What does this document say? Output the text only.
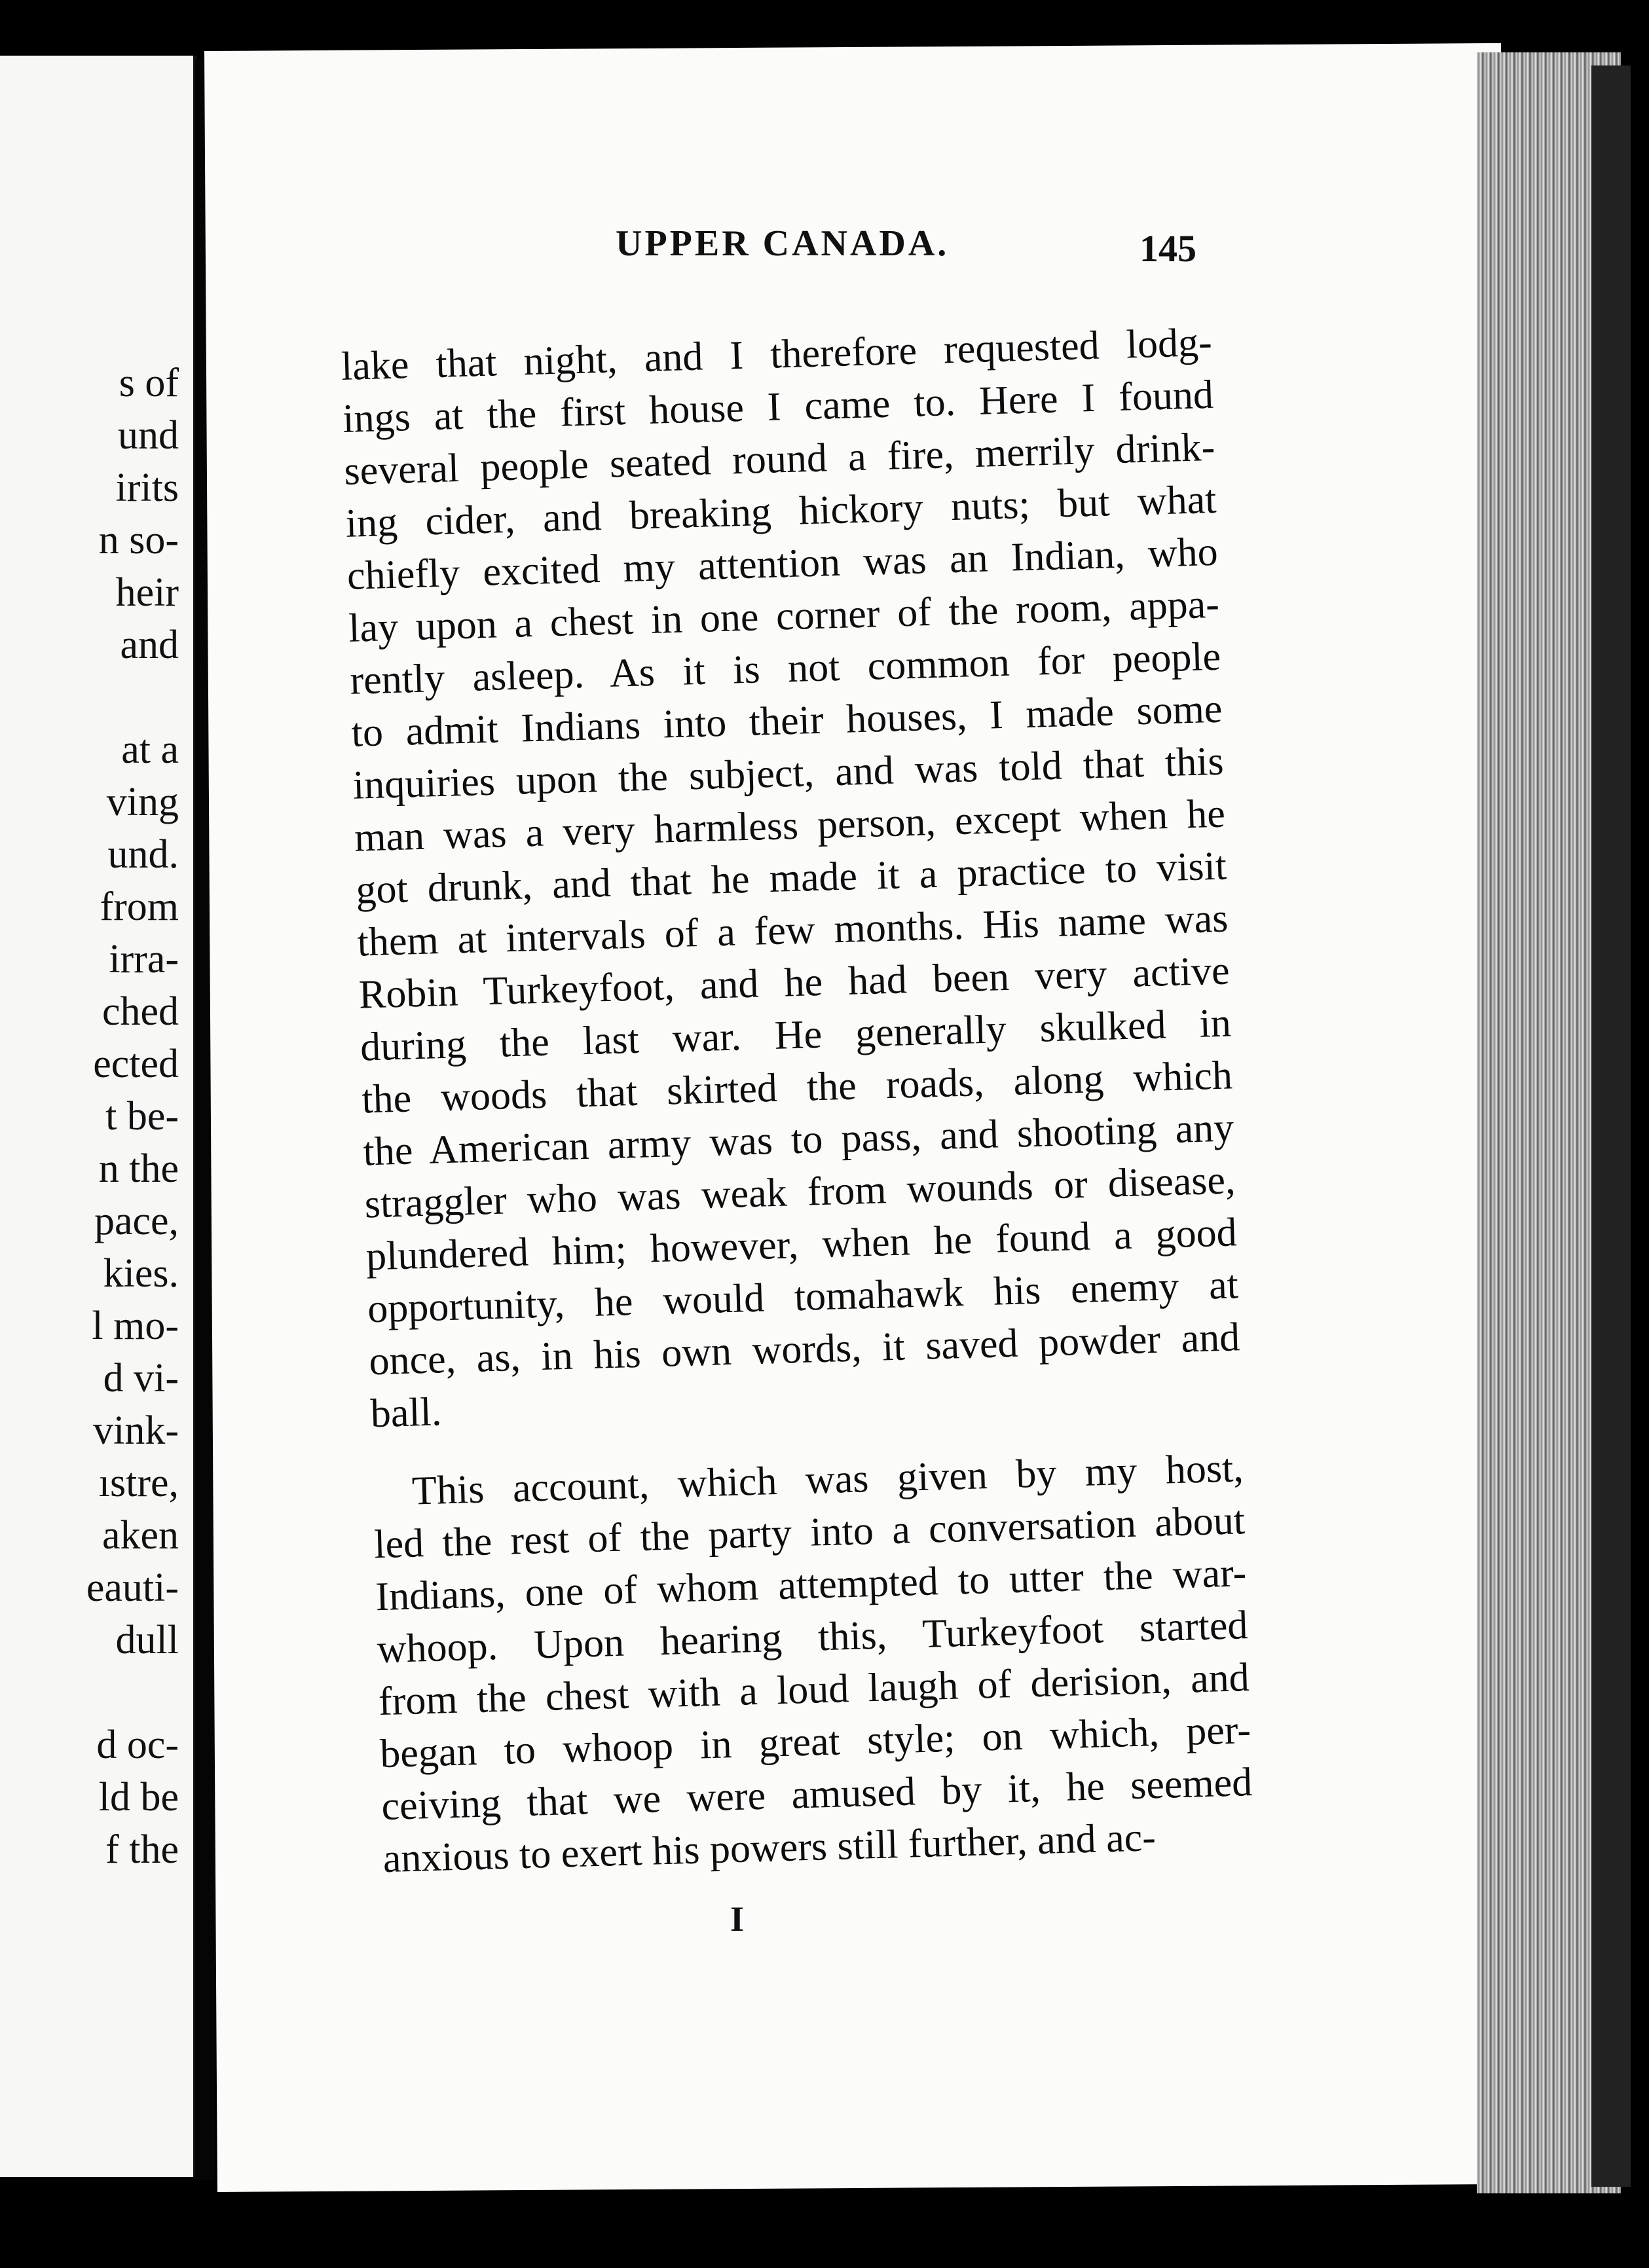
s of
und
irits
n so-
heir
and
at a
ving
und.
from
irra-
ched
ected
t be-
n the
pace,
kies.
l mo-
d vi-
vink-
ıstre,
aken
eauti-
dull
d oc-
ld be
f the
UPPER CANADA.	145
lake that night, and I therefore requested lodg-
ings at the first house I came to. Here I found
several people seated round a fire, merrily drink-
ing cider, and breaking hickory nuts; but what
chiefly excited my attention was an Indian, who
lay upon a chest in one corner of the room, appa-
rently asleep. As it is not common for people
to admit Indians into their houses, I made some
inquiries upon the subject, and was told that this
man was a very harmless person, except when he
got drunk, and that he made it a practice to visit
them at intervals of a few months. His name was
Robin Turkeyfoot, and he had been very active
during the last war. He generally skulked in
the woods that skirted the roads, along which
the American army was to pass, and shooting any
straggler who was weak from wounds or disease,
plundered him; however, when he found a good
opportunity, he would tomahawk his enemy at
once, as, in his own words, it saved powder and
ball.
This account, which was given by my host,
led the rest of the party into a conversation about
Indians, one of whom attempted to utter the war-
whoop. Upon hearing this, Turkeyfoot started
from the chest with a loud laugh of derision, and
began to whoop in great style; on which, per-
ceiving that we were amused by it, he seemed
anxious to exert his powers still further, and ac-
I
